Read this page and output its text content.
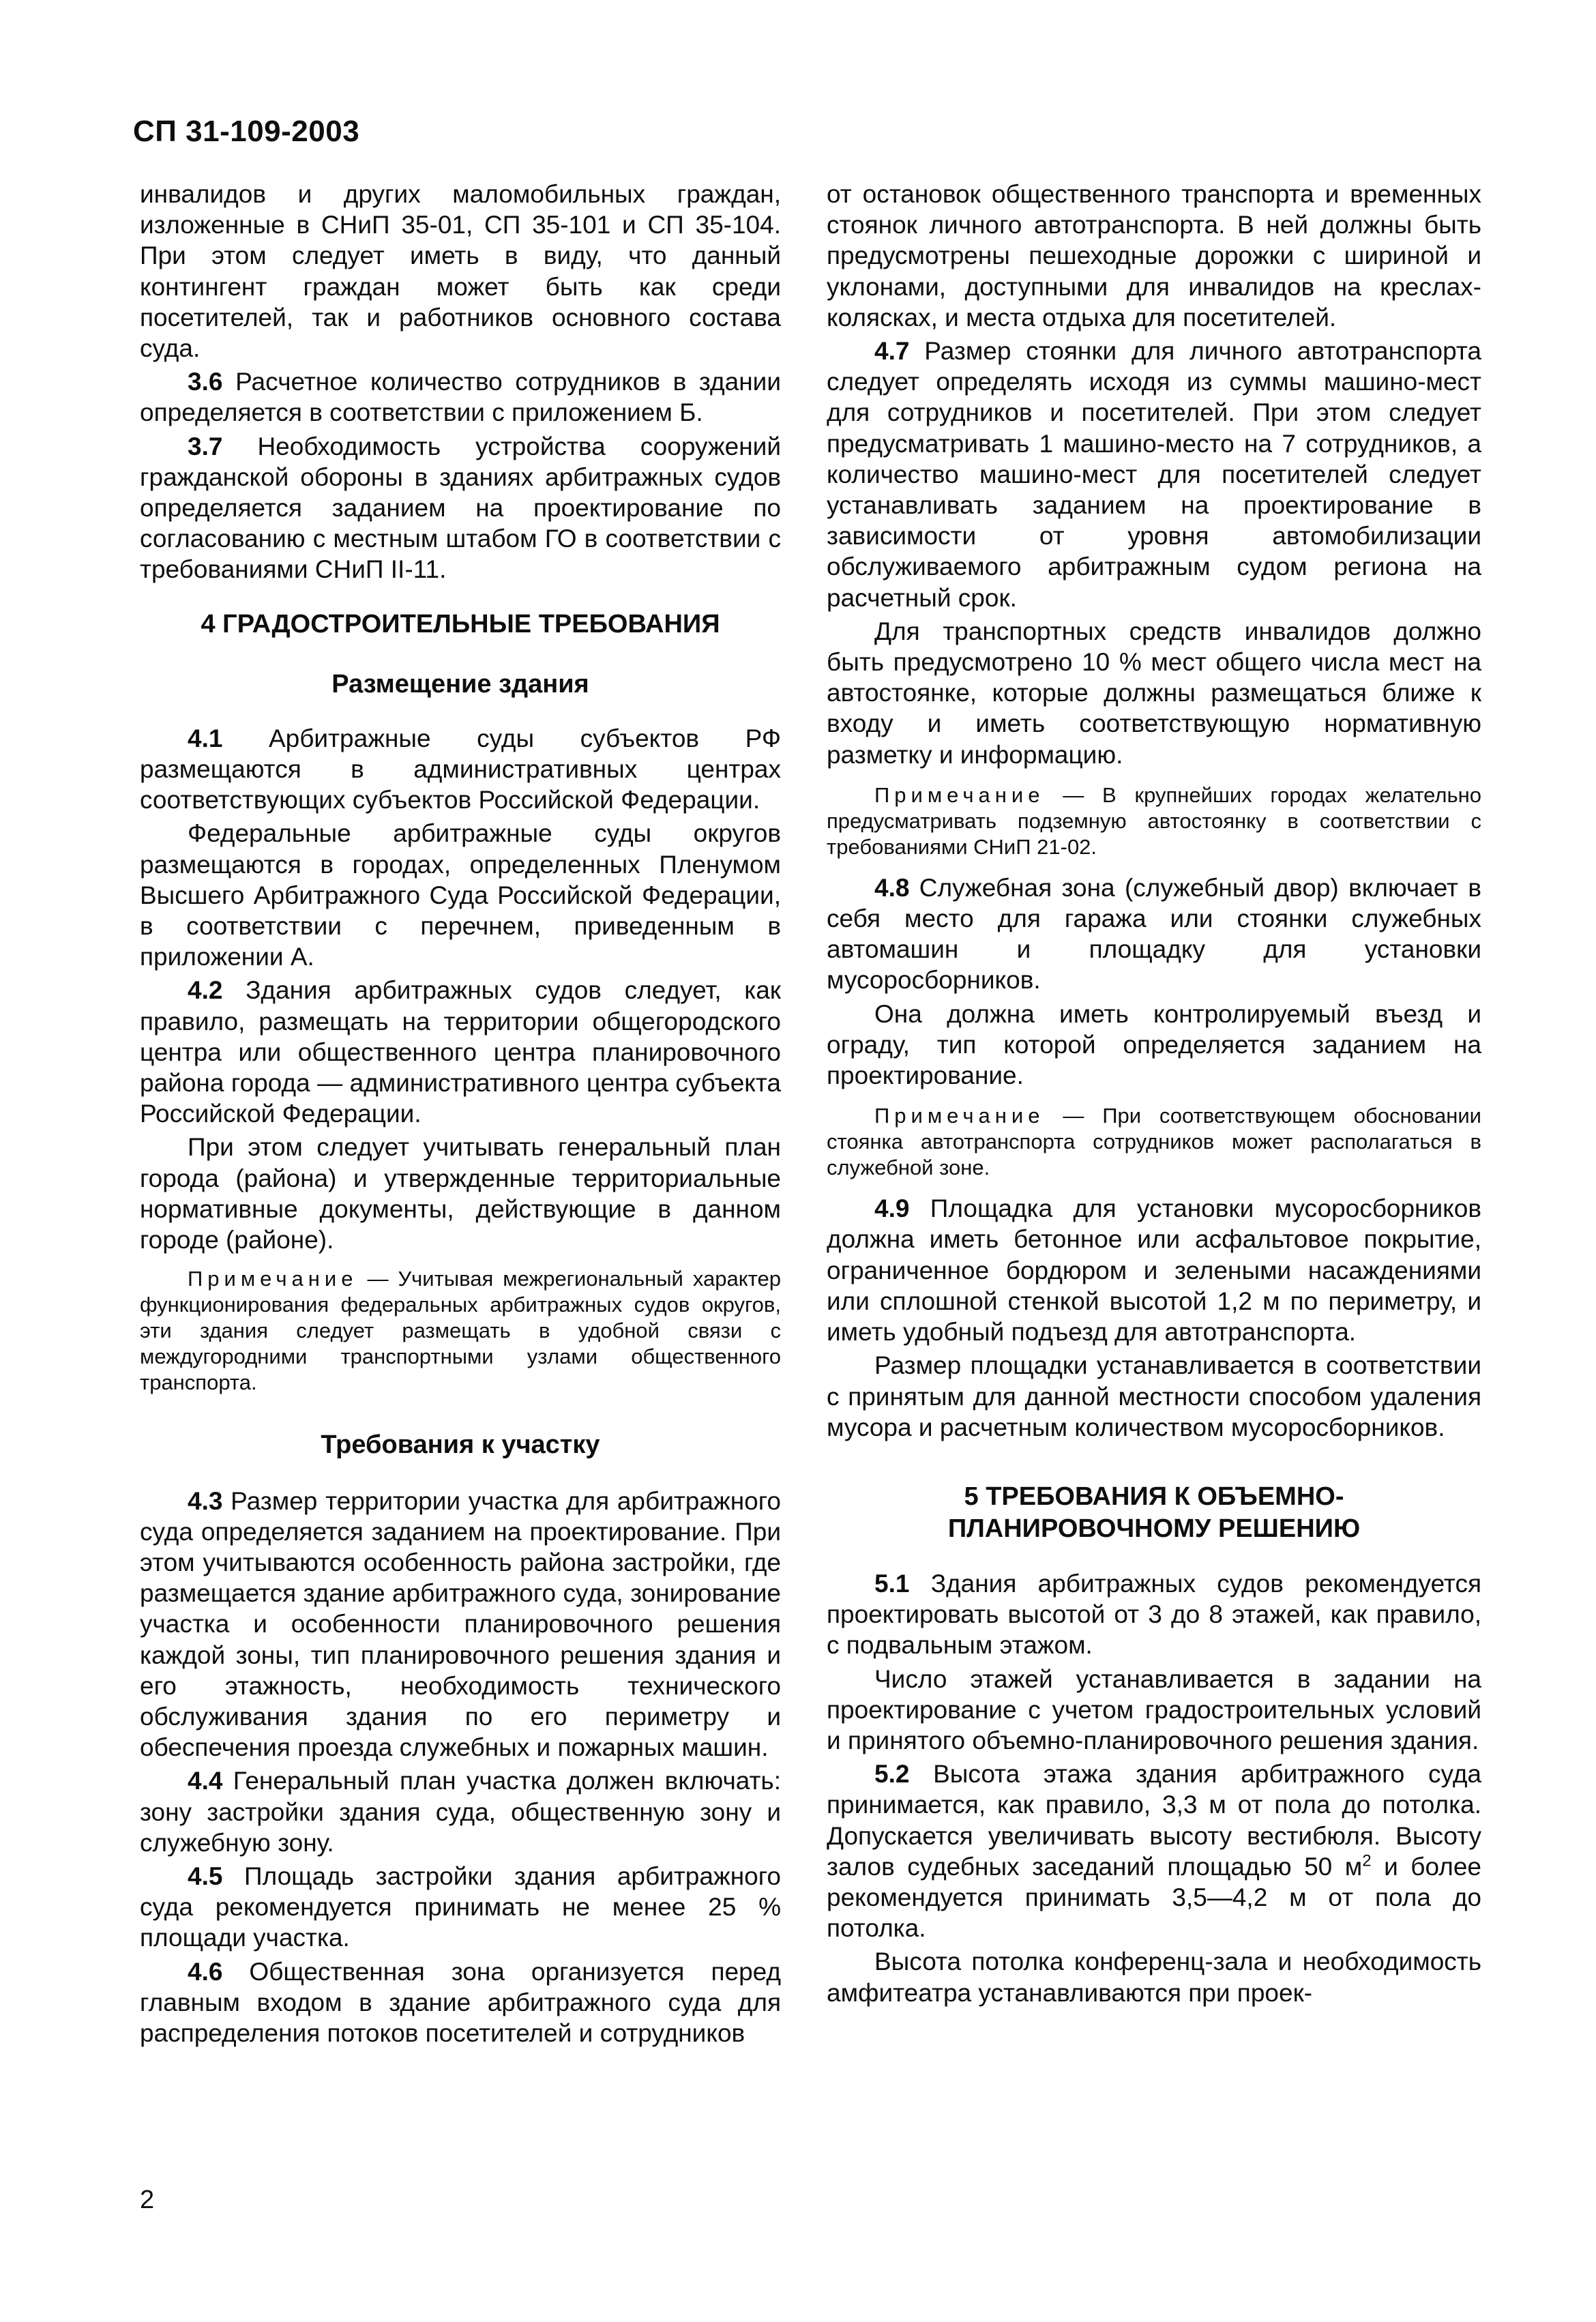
СП 31-109-2003

инвалидов и других маломобильных граждан, изложенные в СНиП 35-01, СП 35-101 и СП 35-104. При этом следует иметь в виду, что данный контингент граждан может быть как среди посетителей, так и работников основного состава суда.

3.6 Расчетное количество сотрудников в здании определяется в соответствии с приложением Б.

3.7 Необходимость устройства сооружений гражданской обороны в зданиях арбитражных судов определяется заданием на проектирование по согласованию с местным штабом ГО в соответствии с требованиями СНиП II-11.

4 ГРАДОСТРОИТЕЛЬНЫЕ ТРЕБОВАНИЯ

Размещение здания

4.1 Арбитражные суды субъектов РФ размещаются в административных центрах соответствующих субъектов Российской Федерации.

Федеральные арбитражные суды округов размещаются в городах, определенных Пленумом Высшего Арбитражного Суда Российской Федерации, в соответствии с перечнем, приведенным в приложении А.

4.2 Здания арбитражных судов следует, как правило, размещать на территории общегородского центра или общественного центра планировочного района города — административного центра субъекта Российской Федерации.

При этом следует учитывать генеральный план города (района) и утвержденные территориальные нормативные документы, действующие в данном городе (районе).

Примечание — Учитывая межрегиональный характер функционирования федеральных арбитражных судов округов, эти здания следует размещать в удобной связи с междугородними транспортными узлами общественного транспорта.

Требования к участку

4.3 Размер территории участка для арбитражного суда определяется заданием на проектирование. При этом учитываются особенность района застройки, где размещается здание арбитражного суда, зонирование участка и особенности планировочного решения каждой зоны, тип планировочного решения здания и его этажность, необходимость технического обслуживания здания по его периметру и обеспечения проезда служебных и пожарных машин.

4.4 Генеральный план участка должен включать: зону застройки здания суда, общественную зону и служебную зону.

4.5 Площадь застройки здания арбитражного суда рекомендуется принимать не менее 25 % площади участка.

4.6 Общественная зона организуется перед главным входом в здание арбитражного суда для распределения потоков посетителей и сотрудников

от остановок общественного транспорта и временных стоянок личного автотранспорта. В ней должны быть предусмотрены пешеходные дорожки с шириной и уклонами, доступными для инвалидов на креслах-колясках, и места отдыха для посетителей.

4.7 Размер стоянки для личного автотранспорта следует определять исходя из суммы машино-мест для сотрудников и посетителей. При этом следует предусматривать 1 машино-место на 7 сотрудников, а количество машино-мест для посетителей следует устанавливать заданием на проектирование в зависимости от уровня автомобилизации обслуживаемого арбитражным судом региона на расчетный срок.

Для транспортных средств инвалидов должно быть предусмотрено 10 % мест общего числа мест на автостоянке, которые должны размещаться ближе к входу и иметь соответствующую нормативную разметку и информацию.

Примечание — В крупнейших городах желательно предусматривать подземную автостоянку в соответствии с требованиями СНиП 21-02.

4.8 Служебная зона (служебный двор) включает в себя место для гаража или стоянки служебных автомашин и площадку для установки мусоросборников.

Она должна иметь контролируемый въезд и ограду, тип которой определяется заданием на проектирование.

Примечание — При соответствующем обосновании стоянка автотранспорта сотрудников может располагаться в служебной зоне.

4.9 Площадка для установки мусоросборников должна иметь бетонное или асфальтовое покрытие, ограниченное бордюром и зелеными насаждениями или сплошной стенкой высотой 1,2 м по периметру, и иметь удобный подъезд для автотранспорта.

Размер площадки устанавливается в соответствии с принятым для данной местности способом удаления мусора и расчетным количеством мусоросборников.

5 ТРЕБОВАНИЯ К ОБЪЕМНО-

ПЛАНИРОВОЧНОМУ РЕШЕНИЮ

5.1 Здания арбитражных судов рекомендуется проектировать высотой от 3 до 8 этажей, как правило, с подвальным этажом.

Число этажей устанавливается в задании на проектирование с учетом градостроительных условий и принятого объемно-планировочного решения здания.

5.2 Высота этажа здания арбитражного суда принимается, как правило, 3,3 м от пола до потолка. Допускается увеличивать высоту вестибюля. Высоту залов судебных заседаний площадью 50 $м^2$ и более рекомендуется принимать 3,5—4,2 м от пола до потолка.

Высота потолка конференц-зала и необходимость амфитеатра устанавливаются при проек-

2
